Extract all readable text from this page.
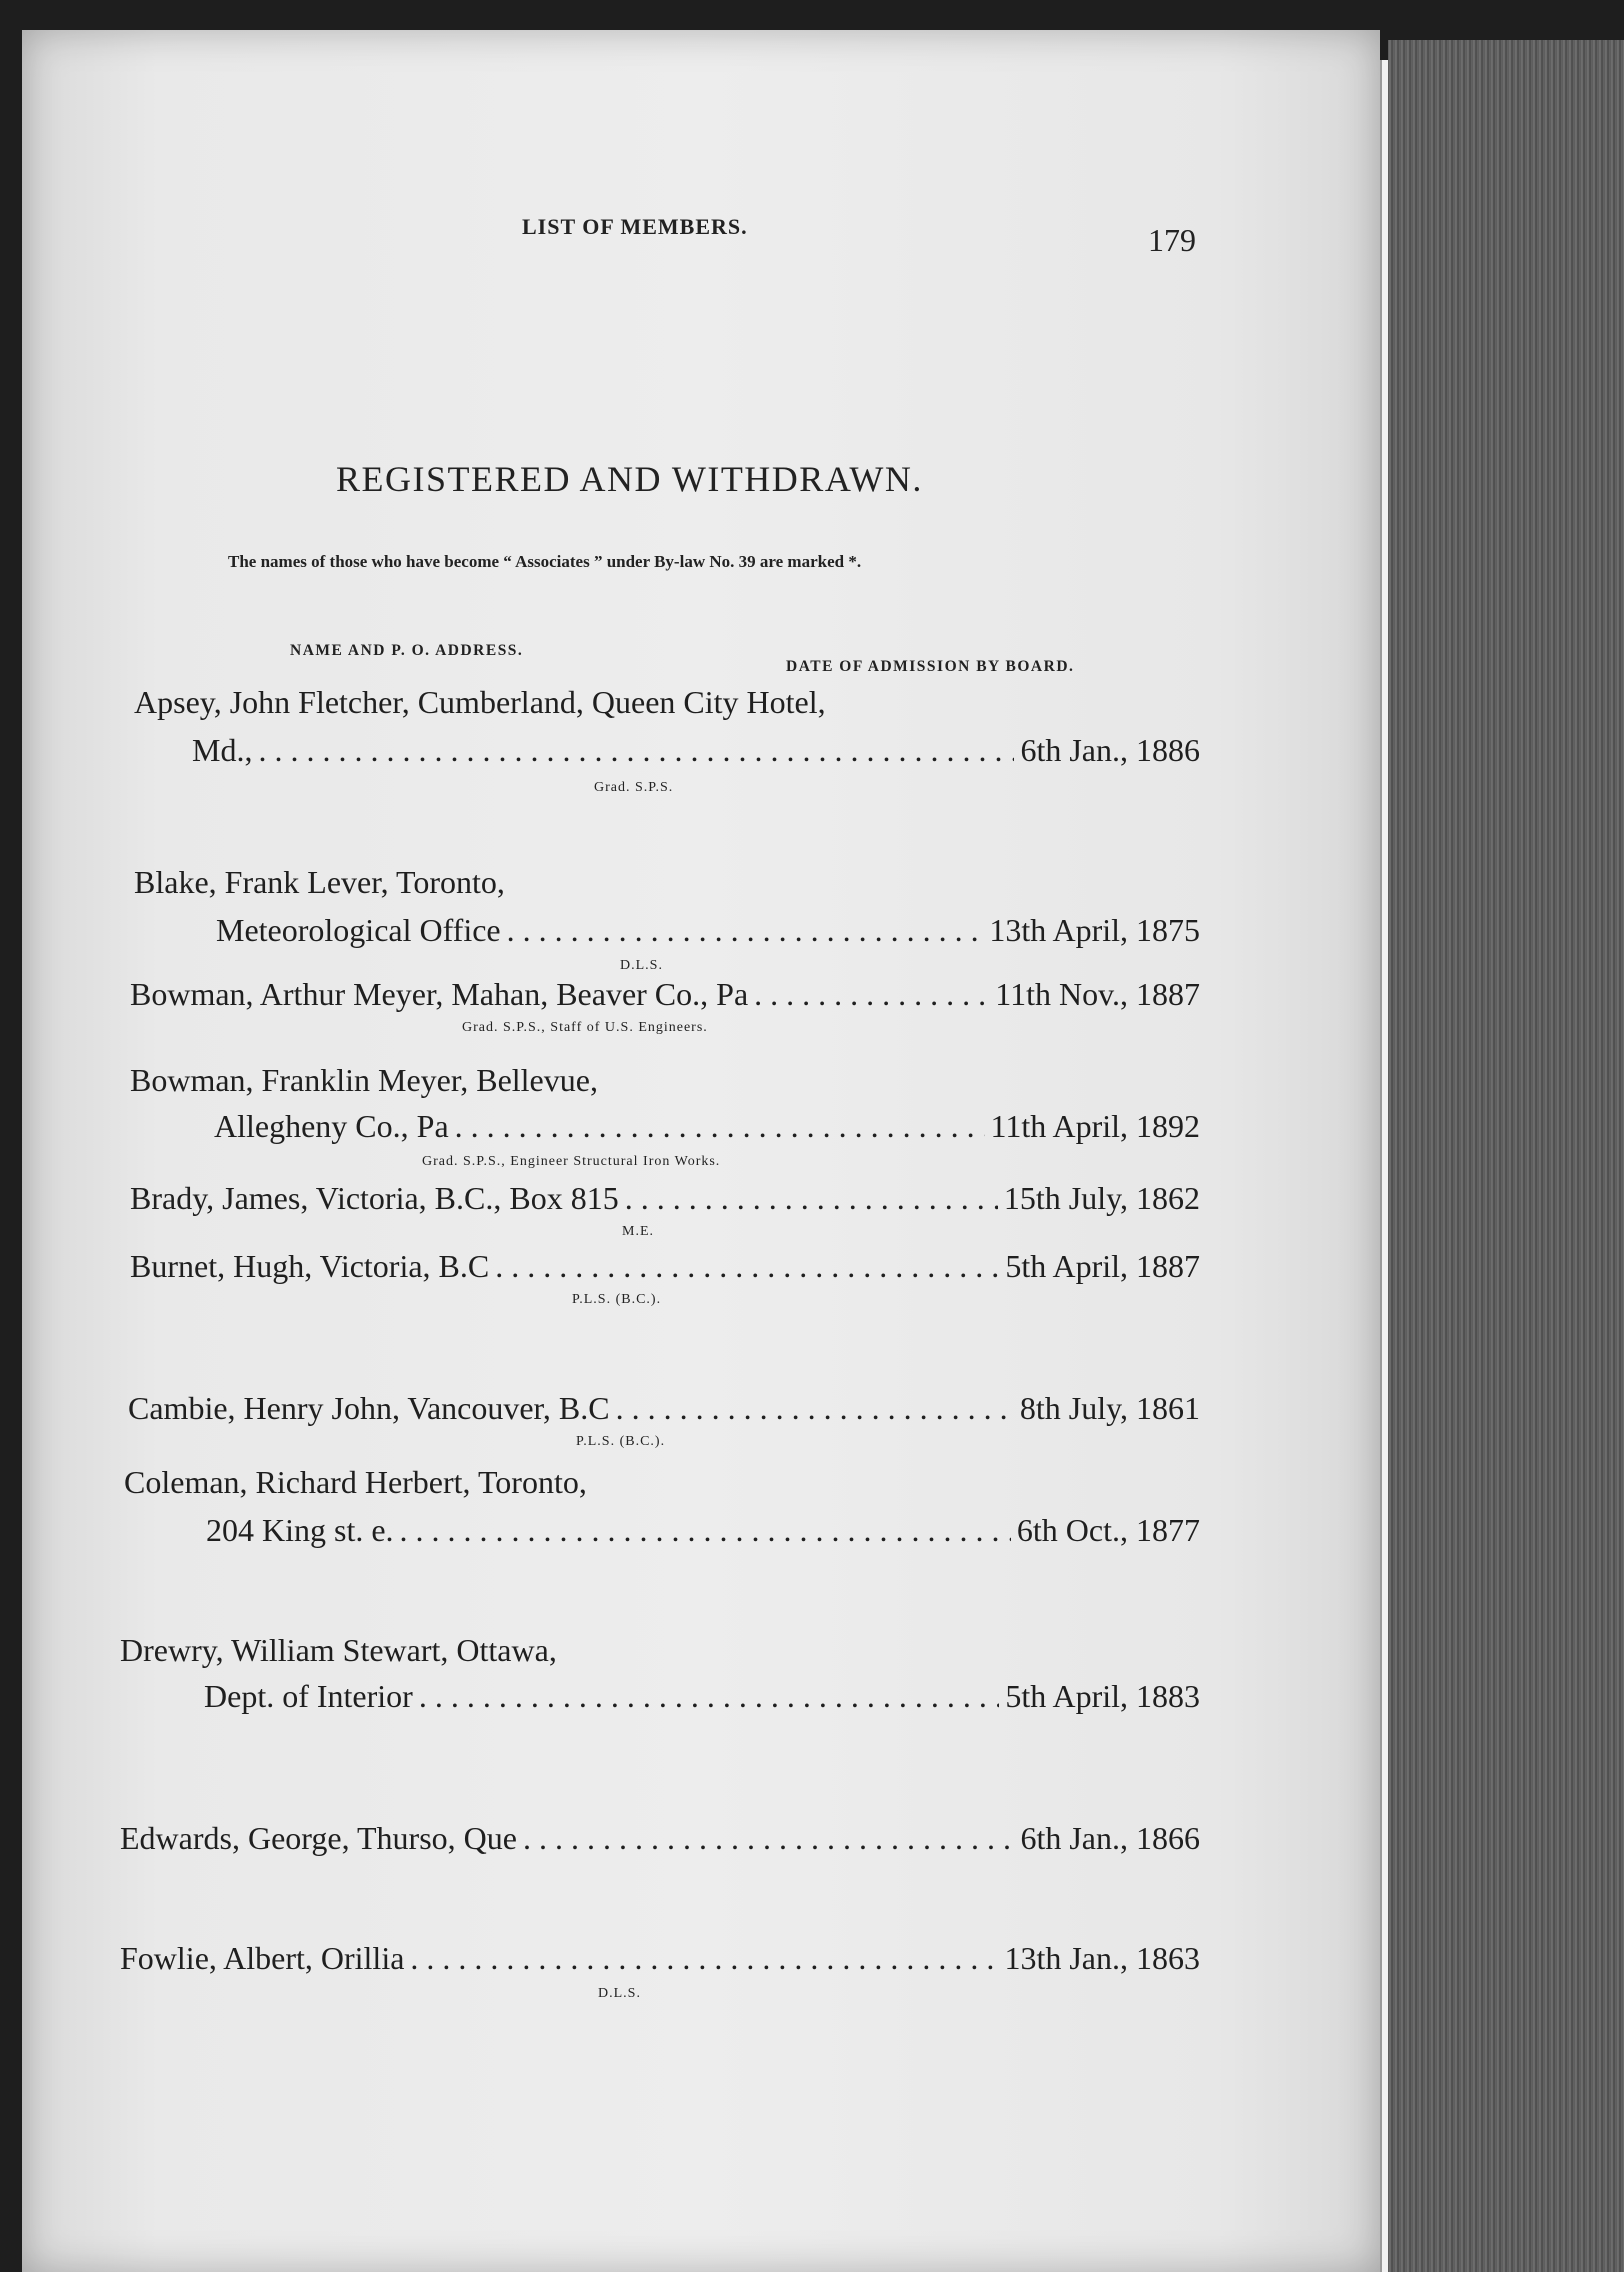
LIST OF MEMBERS.	179
REGISTERED AND WITHDRAWN.
The names of those who have become “ Associates ” under By-law No. 39 are marked *.
NAME AND P. O. ADDRESS.
DATE OF ADMISSION BY BOARD.
Apsey, John Fletcher, Cumberland, Queen City Hotel,
Md., . . .	6th Jan., 1886
Grad. S.P.S.
Blake, Frank Lever, Toronto,
Meteorological Office . . .	13th April, 1875
D.L.S.
Bowman, Arthur Meyer, Mahan, Beaver Co., Pa . . .	11th Nov., 1887
Grad. S.P.S., Staff of U.S. Engineers.
Bowman, Franklin Meyer, Bellevue,
Allegheny Co., Pa . . .	11th April, 1892
Grad. S.P.S., Engineer Structural Iron Works.
Brady, James, Victoria, B.C., Box 815 . . .	15th July, 1862
M.E.
Burnet, Hugh, Victoria, B.C . . .	5th April, 1887
P.L.S. (B.C.).
Cambie, Henry John, Vancouver, B.C . . .	8th July, 1861
P.L.S. (B.C.).
Coleman, Richard Herbert, Toronto,
204 King st. e. . . .	6th Oct., 1877
Drewry, William Stewart, Ottawa,
Dept. of Interior . . .	5th April, 1883
Edwards, George, Thurso, Que . . .	6th Jan., 1866
Fowlie, Albert, Orillia . . .	13th Jan., 1863
D.L.S.
